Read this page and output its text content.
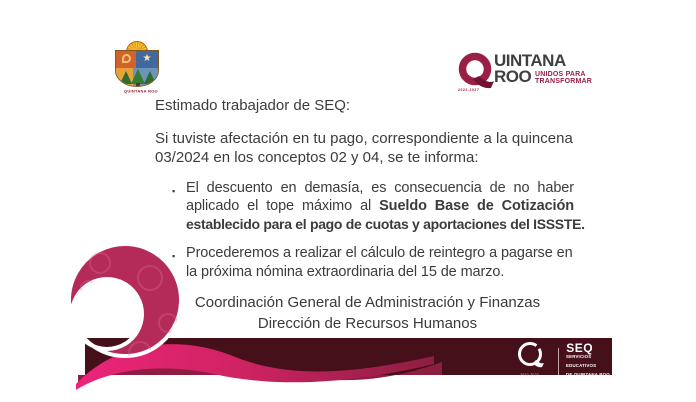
★
QUINTANA ROO	2022-2027
UINTANA
ROO UNIDOS PARA
TRANSFORMAR
Estimado trabajador de SEQ:
Si tuviste afectación en tu pago, correspondiente a la quincena
03/2024 en los conceptos 02 y 04, se te informa:
▪ El descuento en demasía, es consecuencia de no haber
aplicado el tope máximo al Sueldo Base de Cotización
establecido para el pago de cuotas y aportaciones del ISSSTE.
▪ Procederemos a realizar el cálculo de reintegro a pagarse en
la próxima nómina extraordinaria del 15 de marzo.
Coordinación General de Administración y Finanzas
Dirección de Recursos Humanos
2022-2027
SEQ
SERVICIOS
EDUCATIVOS
DE QUINTANA ROO
